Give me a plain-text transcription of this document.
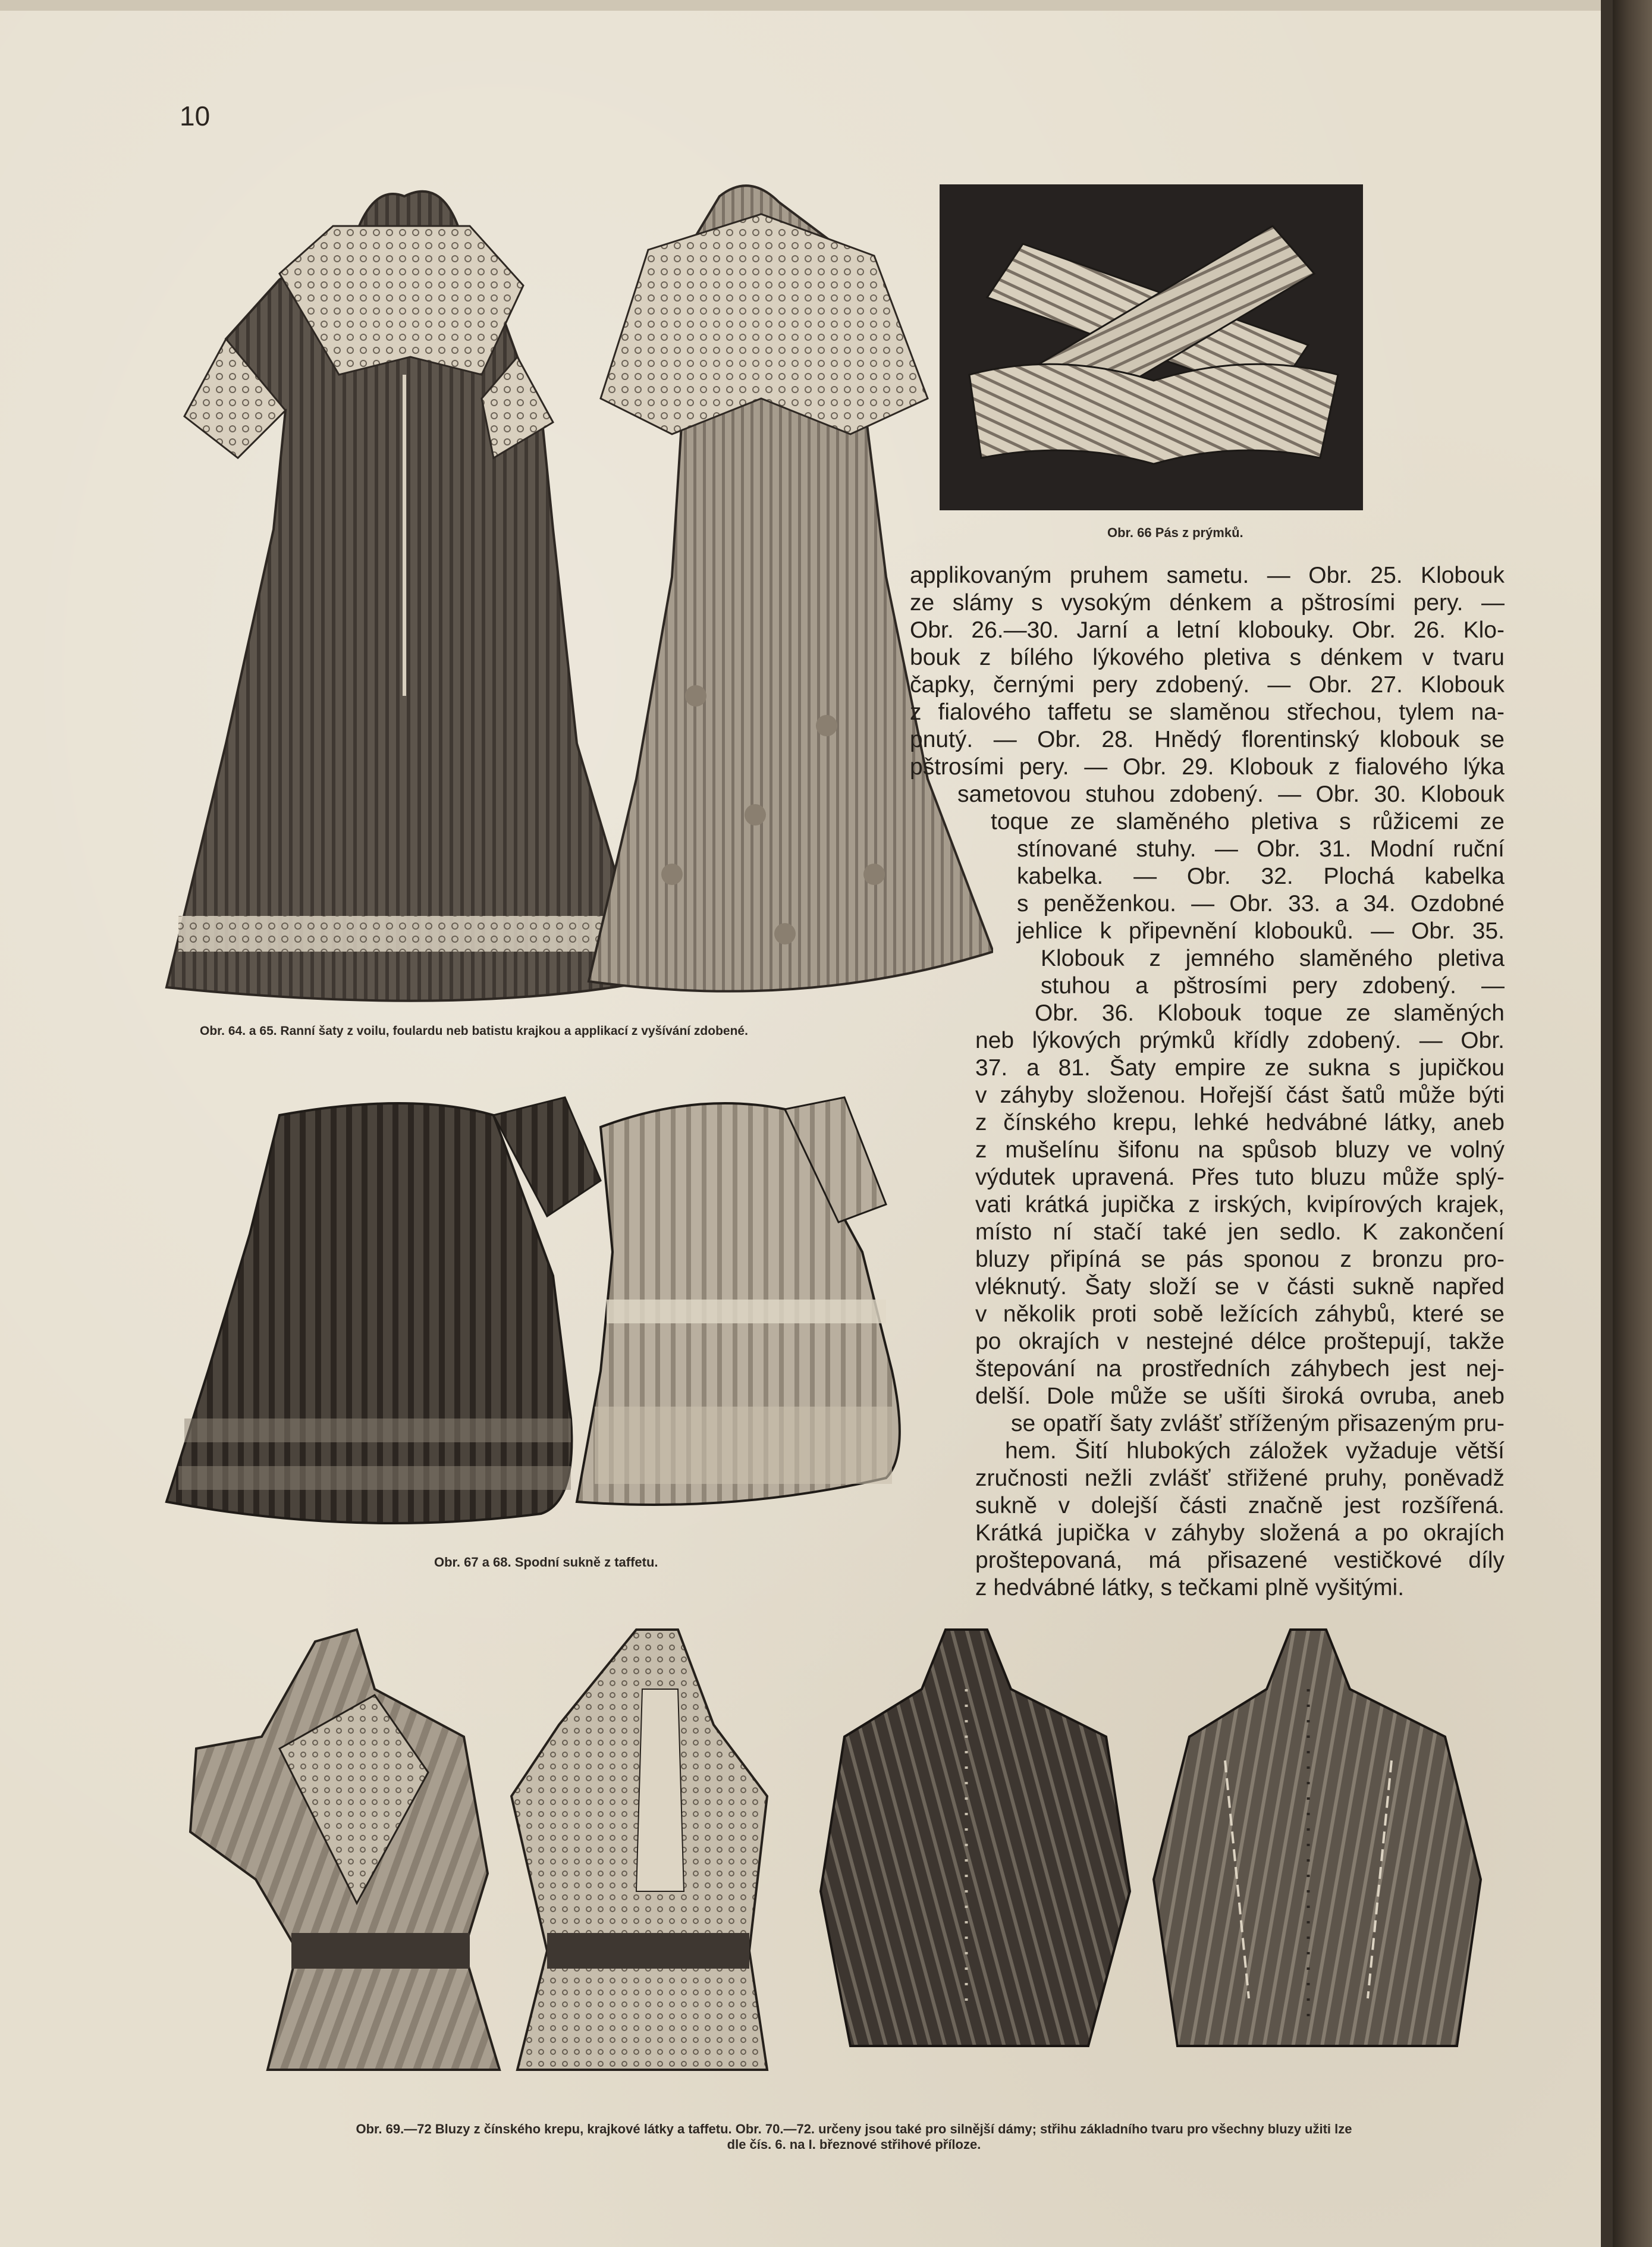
10
Obr. 64. a 65. Ranní šaty z voilu, foulardu neb batistu krajkou a applikací z vyšívání zdobené.
Obr. 66 Pás z prýmků.
Obr. 67 a 68. Spodní sukně z taffetu.
applikovaným pruhem sametu. — Obr. 25. Klobouk
ze slámy s vysokým dénkem a pštrosími pery. —
Obr. 26.—30. Jarní a letní klobouky. Obr. 26. Klo-
bouk z bílého lýkového pletiva s dénkem v tvaru
čapky, černými pery zdobený. — Obr. 27. Klobouk
z fialového taffetu se slaměnou střechou, tylem na-
pnutý. — Obr. 28. Hnědý florentinský klobouk se
pštrosími pery. — Obr. 29. Klobouk z fialového lýka
sametovou stuhou zdobený. — Obr. 30. Klobouk
toque ze slaměného pletiva s růžicemi ze
stínované stuhy. — Obr. 31. Modní ruční
kabelka. — Obr. 32. Plochá kabelka
s peněženkou. — Obr. 33. a 34. Ozdobné
jehlice k připevnění klobouků. — Obr. 35.
Klobouk z jemného slaměného pletiva
stuhou a pštrosími pery zdobený. —
Obr. 36. Klobouk toque ze slaměných
neb lýkových prýmků křídly zdobený. — Obr.
37. a 81. Šaty empire ze sukna s jupičkou
v záhyby složenou. Hořejší část šatů může býti
z čínského krepu, lehké hedvábné látky, aneb
z mušelínu šifonu na spůsob bluzy ve volný
výdutek upravená. Přes tuto bluzu může splý-
vati krátká jupička z irských, kvipírových krajek,
místo ní stačí také jen sedlo. K zakončení
bluzy připíná se pás sponou z bronzu pro-
vléknutý. Šaty složí se v části sukně napřed
v několik proti sobě ležících záhybů, které se
po okrajích v nestejné délce proštepují, takže
štepování na prostředních záhybech jest nej-
delší. Dole může se ušíti široká ovruba, aneb
se opatří šaty zvlášť stříženým přisazeným pru-
hem. Šití hlubokých záložek vyžaduje větší
zručnosti nežli zvlášť střižené pruhy, poněvadž
sukně v dolejší části značně jest rozšířená.
Krátká jupička v záhyby složená a po okrajích
proštepovaná, má přisazené vestičkové díly
z hedvábné látky, s tečkami plně vyšitými.
Obr. 69.—72 Bluzy z čínského krepu, krajkové látky a taffetu. Obr. 70.—72. určeny jsou také pro silnější dámy; střihu základního tvaru pro všechny bluzy užiti lze
dle čís. 6. na I. březnové střihové příloze.
